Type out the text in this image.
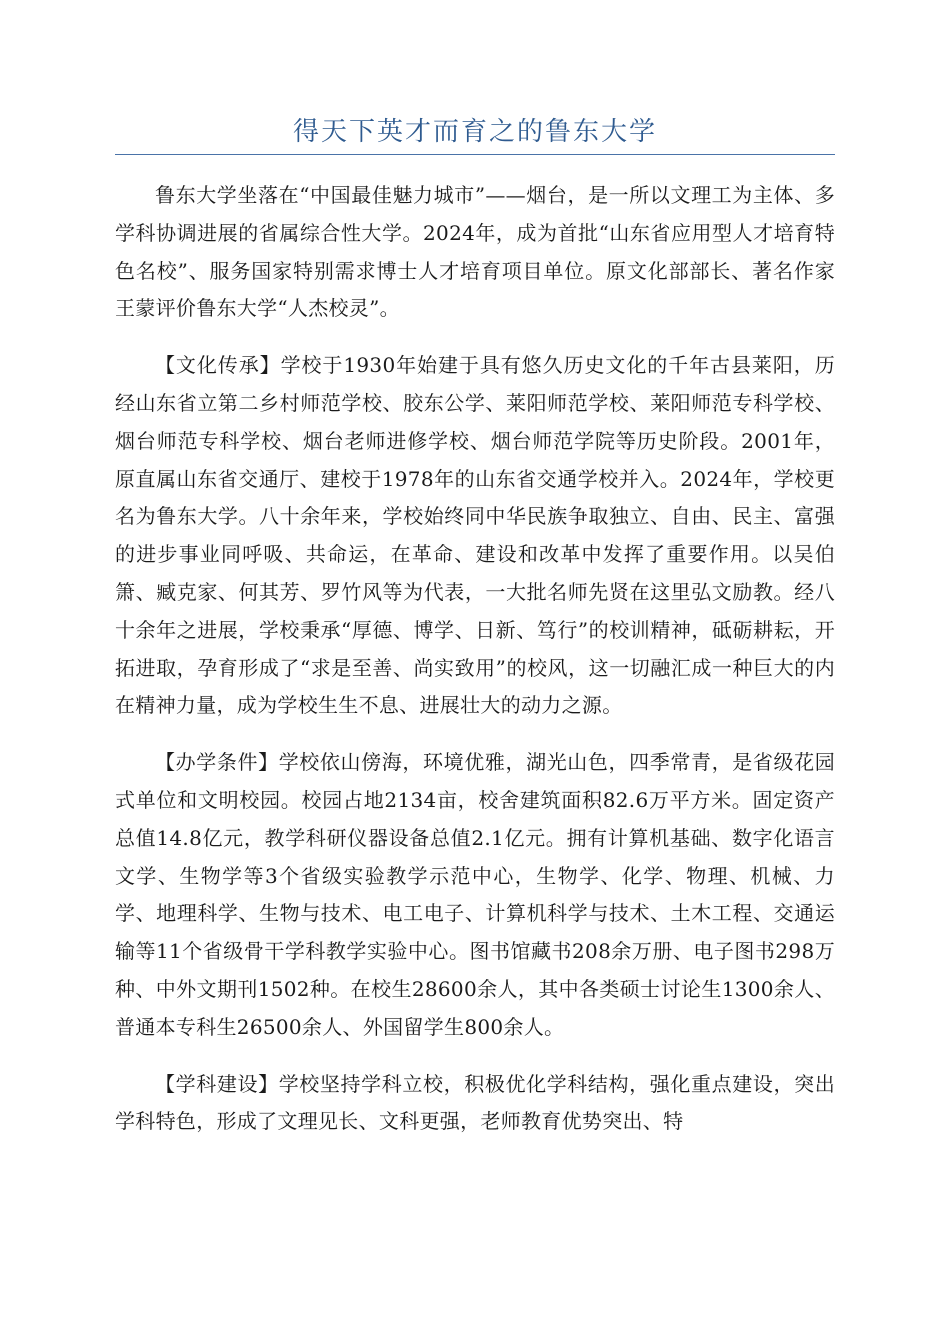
得天下英才而育之的鲁东大学

鲁东大学坐落在“中国最佳魅力城市”——烟台，是一所以文理工为主体、多学科协调进展的省属综合性大学。2024年，成为首批“山东省应用型人才培育特色名校”、服务国家特别需求博士人才培育项目单位。原文化部部长、著名作家王蒙评价鲁东大学“人杰校灵”。

【文化传承】学校于1930年始建于具有悠久历史文化的千年古县莱阳，历经山东省立第二乡村师范学校、胶东公学、莱阳师范学校、莱阳师范专科学校、烟台师范专科学校、烟台老师进修学校、烟台师范学院等历史阶段。2001年，原直属山东省交通厅、建校于1978年的山东省交通学校并入。2024年，学校更名为鲁东大学。八十余年来，学校始终同中华民族争取独立、自由、民主、富强的进步事业同呼吸、共命运，在革命、建设和改革中发挥了重要作用。以吴伯箫、臧克家、何其芳、罗竹风等为代表，一大批名师先贤在这里弘文励教。经八十余年之进展，学校秉承“厚德、博学、日新、笃行”的校训精神，砥砺耕耘，开拓进取，孕育形成了“求是至善、尚实致用”的校风，这一切融汇成一种巨大的内在精神力量，成为学校生生不息、进展壮大的动力之源。

【办学条件】学校依山傍海，环境优雅，湖光山色，四季常青，是省级花园式单位和文明校园。校园占地2134亩，校舍建筑面积82.6万平方米。固定资产总值14.8亿元，教学科研仪器设备总值2.1亿元。拥有计算机基础、数字化语言文学、生物学等3个省级实验教学示范中心，生物学、化学、物理、机械、力学、地理科学、生物与技术、电工电子、计算机科学与技术、土木工程、交通运输等11个省级骨干学科教学实验中心。图书馆藏书208余万册、电子图书298万种、中外文期刊1502种。在校生28600余人，其中各类硕士讨论生1300余人、普通本专科生26500余人、外国留学生800余人。

【学科建设】学校坚持学科立校，积极优化学科结构，强化重点建设，突出学科特色，形成了文理见长、文科更强，老师教育优势突出、特
